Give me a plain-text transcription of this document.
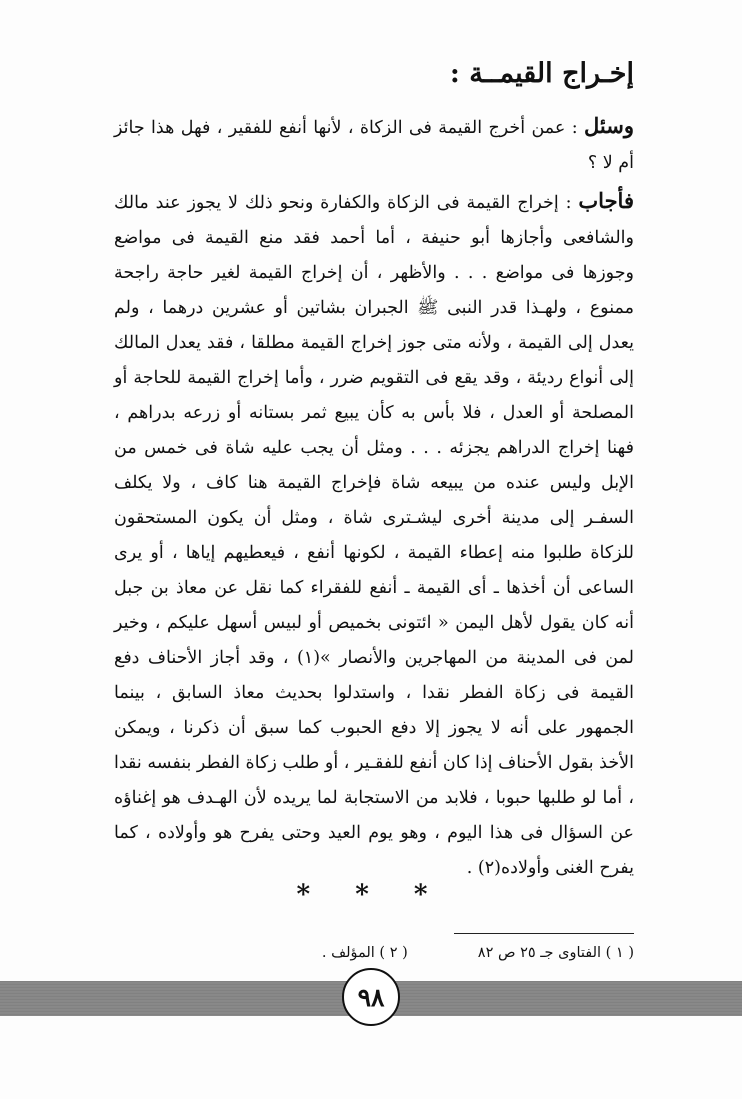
إخـراج القيمــة :

وسئل : عمن أخرج القيمة فى الزكاة ، لأنها أنفع للفقير ، فهل هذا جائز أم لا ؟

فأجاب : إخراج القيمة فى الزكاة والكفارة ونحو ذلك لا يجوز عند مالك والشافعى وأجازها أبو حنيفة ، أما أحمد فقد منع القيمة فى مواضع وجوزها فى مواضع . . . والأظهر ، أن إخراج القيمة لغير حاجة راجحة ممنوع ، ولهـذا قدر النبى ﷺ الجبران بشاتين أو عشرين درهما ، ولم يعدل إلى القيمة ، ولأنه متى جوز إخراج القيمة مطلقا ، فقد يعدل المالك إلى أنواع رديئة ، وقد يقع فى التقويم ضرر ، وأما إخراج القيمة للحاجة أو المصلحة أو العدل ، فلا بأس به كأن يبيع ثمر بستانه أو زرعه بدراهم ، فهنا إخراج الدراهم يجزئه . . . ومثل أن يجب عليه شاة فى خمس من الإبل وليس عنده من يبيعه شاة فإخراج القيمة هنا كاف ، ولا يكلف السفـر إلى مدينة أخرى ليشـترى شاة ، ومثل أن يكون المستحقون للزكاة طلبوا منه إعطاء القيمة ، لكونها أنفع ، فيعطيهم إياها ، أو يرى الساعى أن أخذها ـ أى القيمة ـ أنفع للفقراء كما نقل عن معاذ بن جبل أنه كان يقول لأهل اليمن « ائتونى بخميص أو لبيس أسهل عليكم ، وخير لمن فى المدينة من المهاجرين والأنصار »(١) ، وقد أجاز الأحناف دفع القيمة فى زكاة الفطر نقدا ، واستدلوا بحديث معاذ السابق ، بينما الجمهور على أنه لا يجوز إلا دفع الحبوب كما سبق أن ذكرنا ، ويمكن الأخذ بقول الأحناف إذا كان أنفع للفقـير ، أو طلب زكاة الفطر بنفسه نقدا ، أما لو طلبها حبوبا ، فلابد من الاستجابة لما يريده لأن الهـدف هو إغناؤه عن السؤال فى هذا اليوم ، وهو يوم العيد وحتى يفرح هو وأولاده ، كما يفرح الغنى وأولاده(٢) .

* * *
( ١ ) الفتاوى جـ ٢٥ ص ٨٢
( ٢ ) المؤلف .
٩٨
